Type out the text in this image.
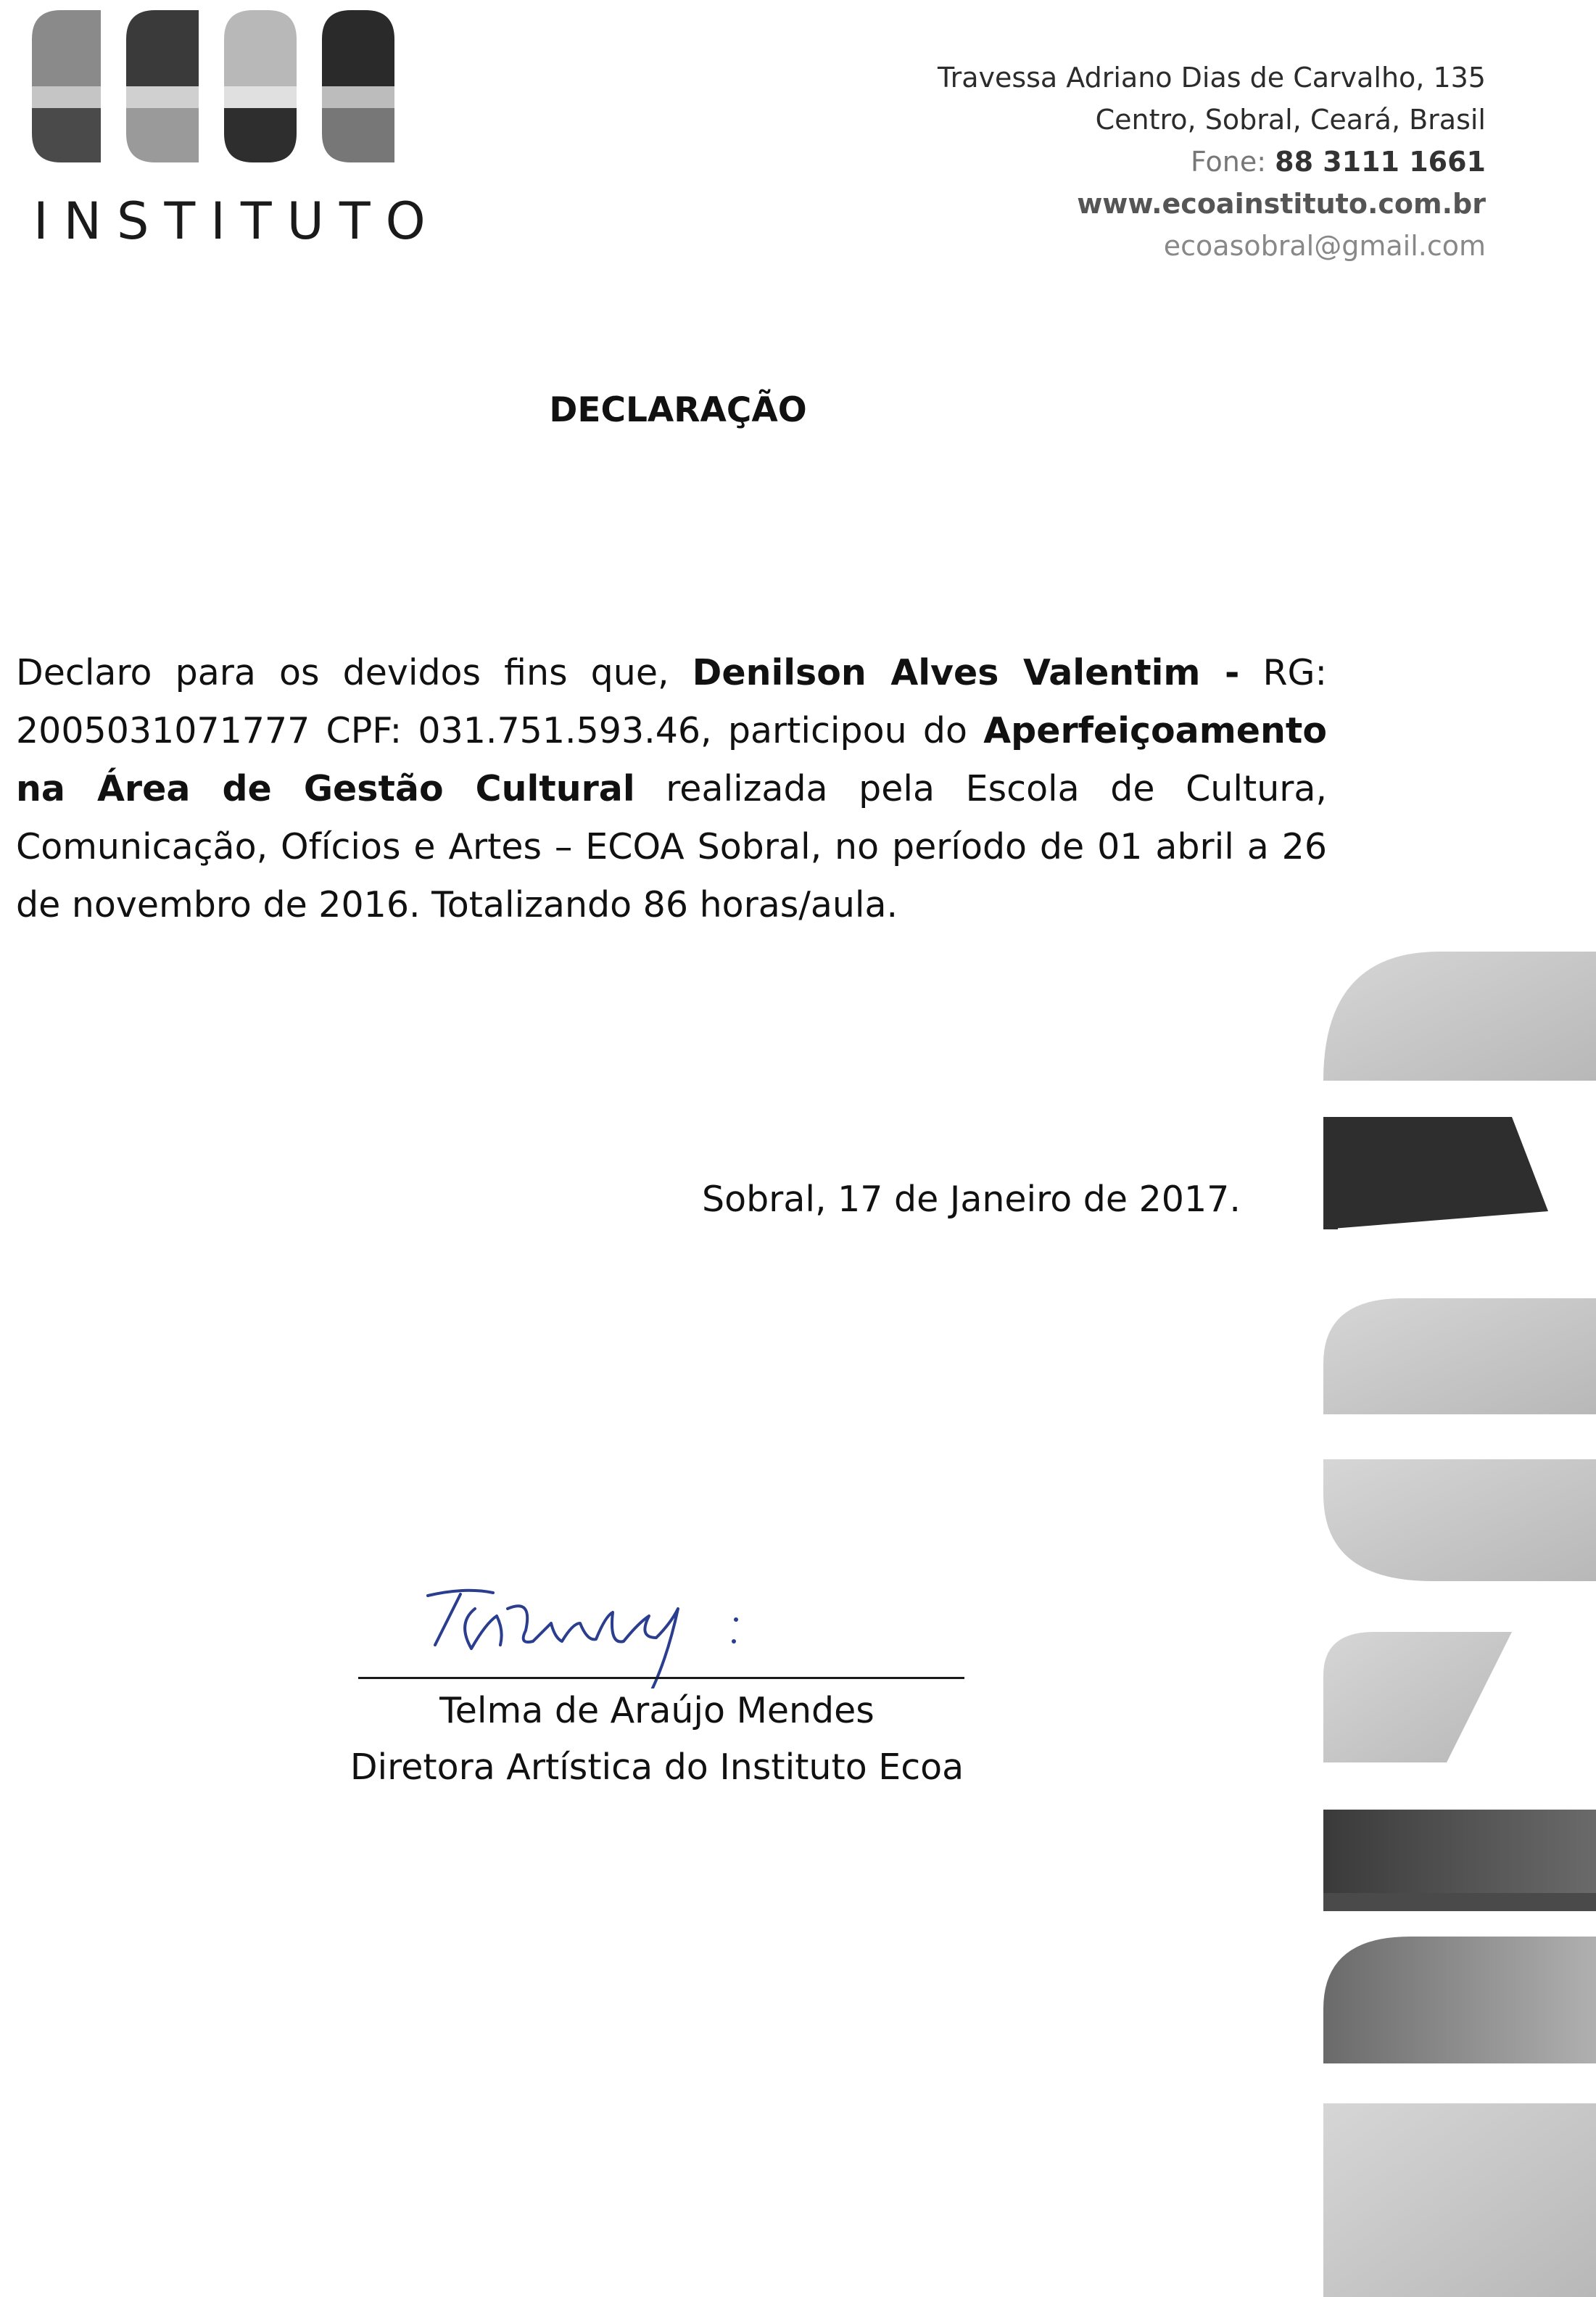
INSTITUTO
Travessa Adriano Dias de Carvalho, 135
Centro, Sobral, Ceará, Brasil
Fone: 88 3111 1661
www.ecoainstituto.com.br
ecoasobral@gmail.com
DECLARAÇÃO
Declaro para os devidos fins que, Denilson Alves Valentim - RG: 2005031071777 CPF: 031.751.593.46, participou do Aperfeiçoamento na Área de Gestão Cultural realizada pela Escola de Cultura, Comunicação, Ofícios e Artes – ECOA Sobral, no período de 01 abril a 26 de novembro de 2016. Totalizando 86 horas/aula.
Sobral, 17 de Janeiro de 2017.
Telma de Araújo Mendes
Diretora Artística do Instituto Ecoa
